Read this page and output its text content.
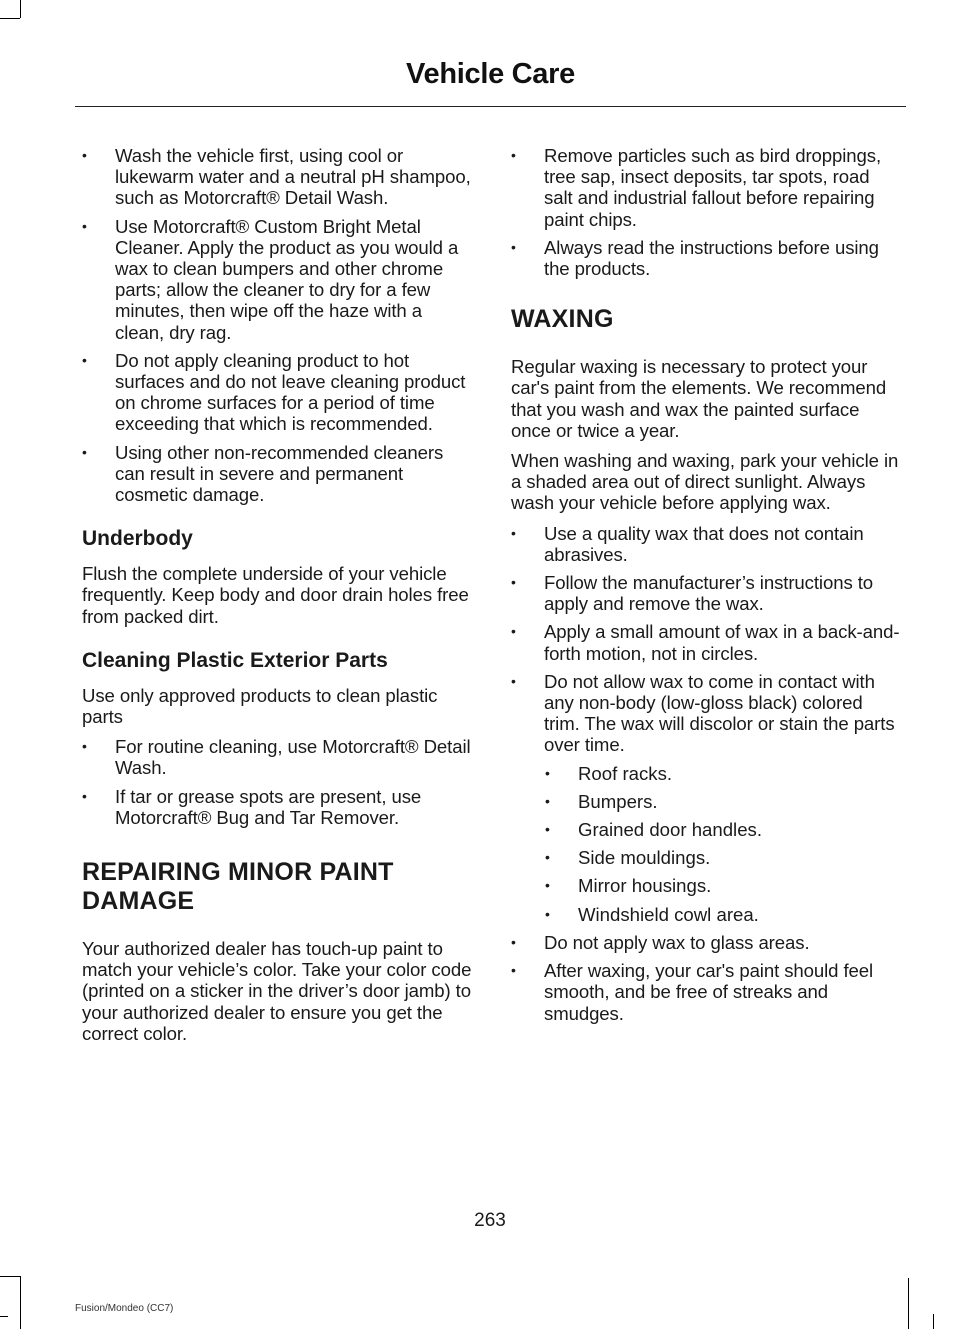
Vehicle Care
•	Wash the vehicle first, using cool or lukewarm water and a neutral pH shampoo, such as Motorcraft® Detail Wash.
•	Use Motorcraft® Custom Bright Metal Cleaner. Apply the product as you would a wax to clean bumpers and other chrome parts; allow the cleaner to dry for a few minutes, then wipe off the haze with a clean, dry rag.
•	Do not apply cleaning product to hot surfaces and do not leave cleaning product on chrome surfaces for a period of time exceeding that which is recommended.
•	Using other non-recommended cleaners can result in severe and permanent cosmetic damage.
Underbody

Flush the complete underside of your vehicle frequently. Keep body and door drain holes free from packed dirt.

Cleaning Plastic Exterior Parts

Use only approved products to clean plastic parts

•	For routine cleaning, use Motorcraft® Detail Wash.
•	If tar or grease spots are present, use Motorcraft® Bug and Tar Remover.
REPAIRING MINOR PAINT DAMAGE

Your authorized dealer has touch-up paint to match your vehicle’s color. Take your color code (printed on a sticker in the driver’s door jamb) to your authorized dealer to ensure you get the correct color.

•	Remove particles such as bird droppings, tree sap, insect deposits, tar spots, road salt and industrial fallout before repairing paint chips.
•	Always read the instructions before using the products.
WAXING

Regular waxing is necessary to protect your car's paint from the elements. We recommend that you wash and wax the painted surface once or twice a year.

When washing and waxing, park your vehicle in a shaded area out of direct sunlight. Always wash your vehicle before applying wax.

•	Use a quality wax that does not contain abrasives.
•	Follow the manufacturer’s instructions to apply and remove the wax.
•	Apply a small amount of wax in a back-and-forth motion, not in circles.
•	Do not allow wax to come in contact with any non-body (low-gloss black) colored trim. The wax will discolor or stain the parts over time.
•	Roof racks.
•	Bumpers.
•	Grained door handles.
•	Side mouldings.
•	Mirror housings.
•	Windshield cowl area.
•	Do not apply wax to glass areas.
•	After waxing, your car's paint should feel smooth, and be free of streaks and smudges.
263
Fusion/Mondeo (CC7)
